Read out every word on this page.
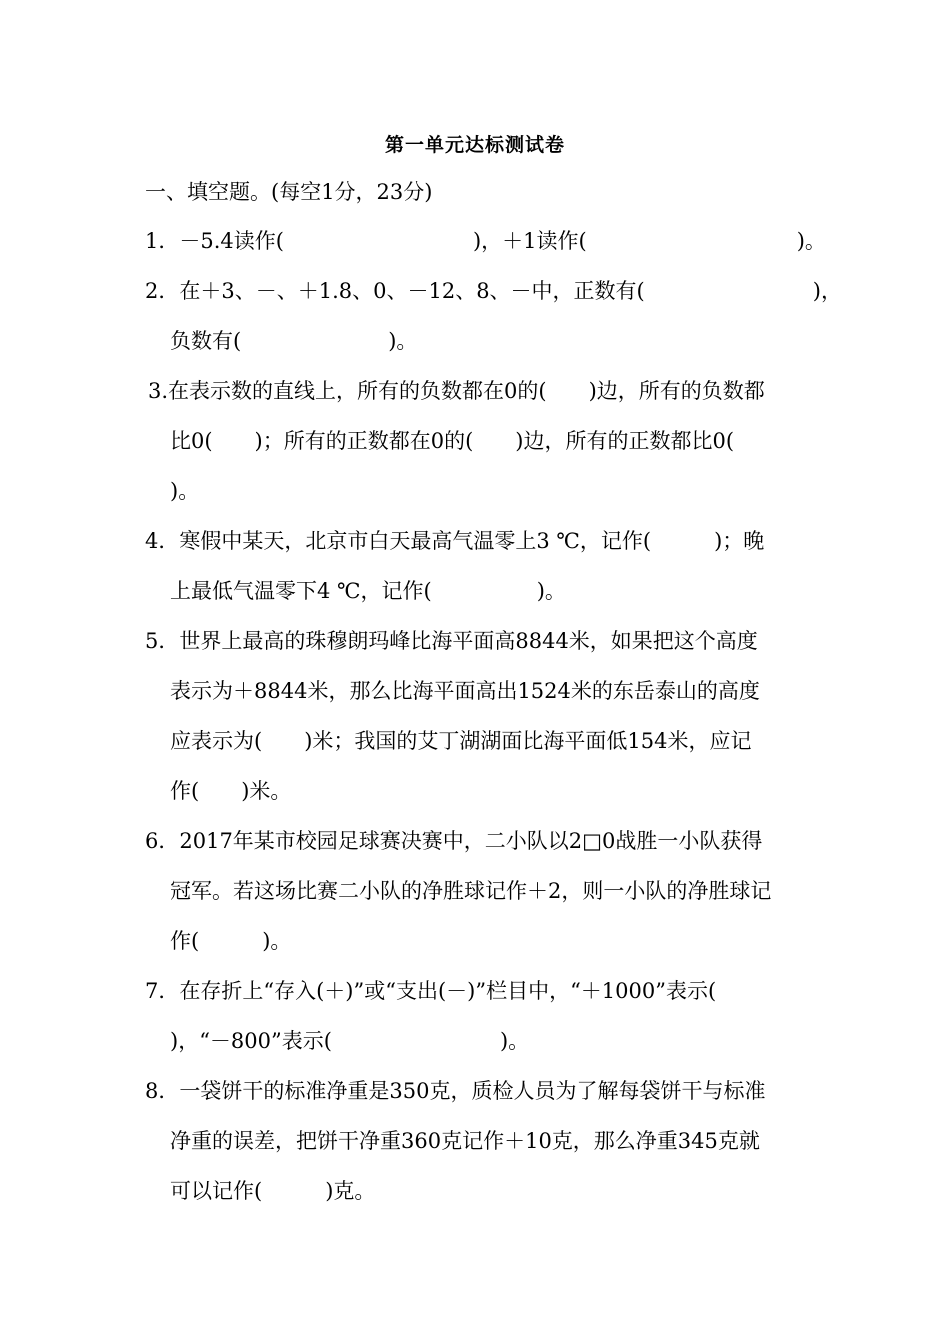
第一单元达标测试卷
一、填空题。(每空1分，23分)
1．－5.4读作(　　　　　　　　　)，＋1读作(　　　　　　　　　　)。
2．在＋3、－、＋1.8、0、－12、8、－中，正数有(　　　　　　　　)，
负数有(　　　　　　　)。
3.在表示数的直线上，所有的负数都在0的(　　)边，所有的负数都
比0(　　)；所有的正数都在0的(　　)边，所有的正数都比0(
)。
4．寒假中某天，北京市白天最高气温零上3 ℃，记作(　　　)；晚
上最低气温零下4 ℃，记作(　　　　　)。
5．世界上最高的珠穆朗玛峰比海平面高8844米，如果把这个高度
表示为＋8844米，那么比海平面高出1524米的东岳泰山的高度
应表示为(　　)米；我国的艾丁湖湖面比海平面低154米，应记
作(　　)米。
6．2017年某市校园足球赛决赛中，二小队以2□0战胜一小队获得
冠军。若这场比赛二小队的净胜球记作＋2，则一小队的净胜球记
作(　　　)。
7．在存折上“存入(＋)”或“支出(－)”栏目中，“＋1000”表示(
)，“－800”表示(　　　　　　　　)。
8．一袋饼干的标准净重是350克，质检人员为了解每袋饼干与标准
净重的误差，把饼干净重360克记作＋10克，那么净重345克就
可以记作(　　　)克。
